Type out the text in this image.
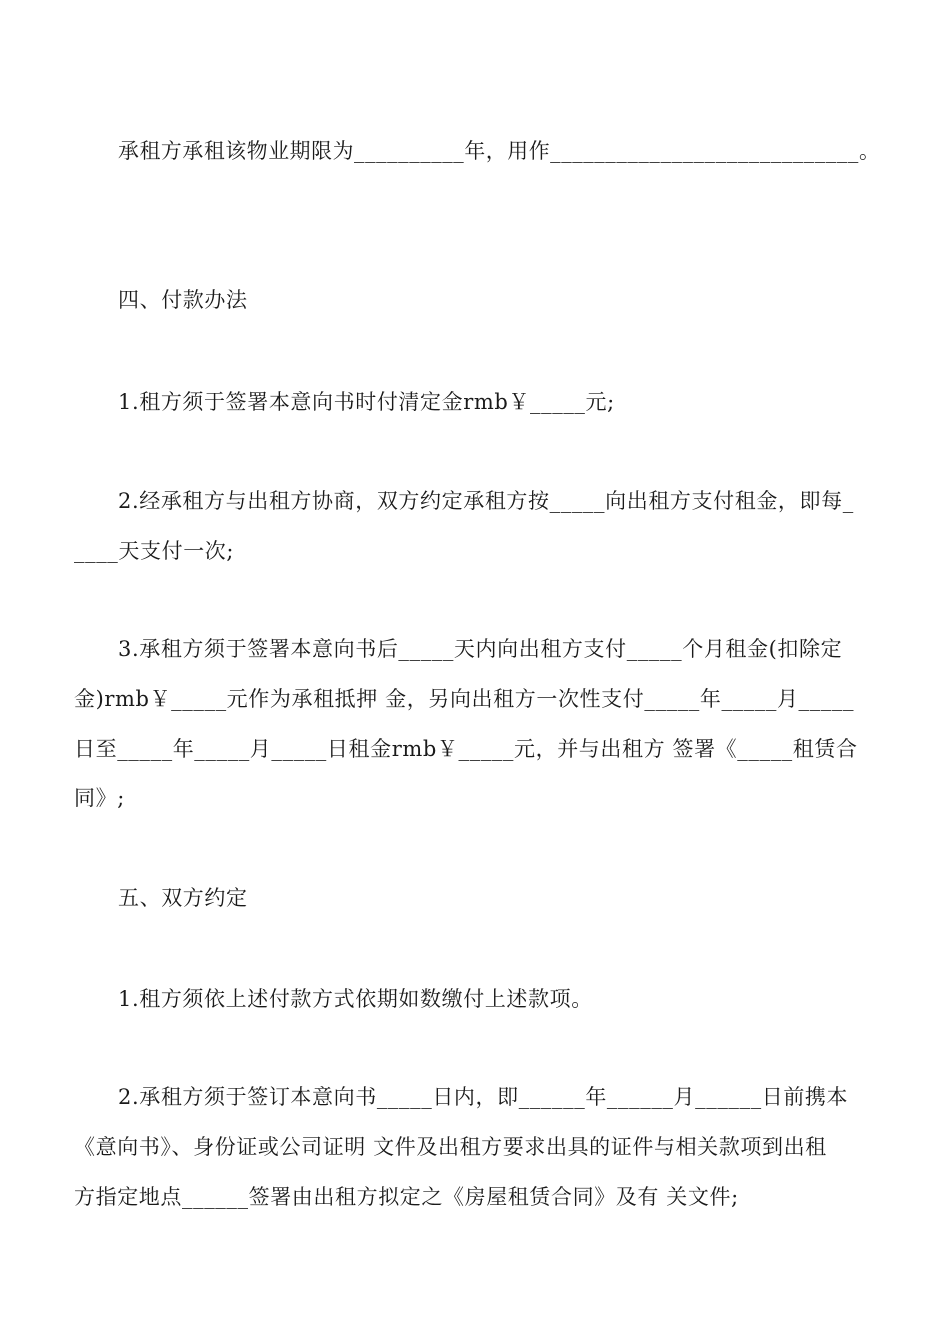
承租方承租该物业期限为__________年，用作____________________________。
四、付款办法
1.租方须于签署本意向书时付清定金rmb￥_____元;
2.经承租方与出租方协商，双方约定承租方按_____向出租方支付租金，即每_
____天支付一次;
3.承租方须于签署本意向书后_____天内向出租方支付_____个月租金(扣除定
金)rmb￥_____元作为承租抵押 金，另向出租方一次性支付_____年_____月_____
日至_____年_____月_____日租金rmb￥_____元，并与出租方 签署《_____租赁合
同》;
五、双方约定
1.租方须依上述付款方式依期如数缴付上述款项。
2.承租方须于签订本意向书_____日内，即______年______月______日前携本
《意向书》、身份证或公司证明 文件及出租方要求出具的证件与相关款项到出租
方指定地点______签署由出租方拟定之《房屋租赁合同》及有 关文件;
